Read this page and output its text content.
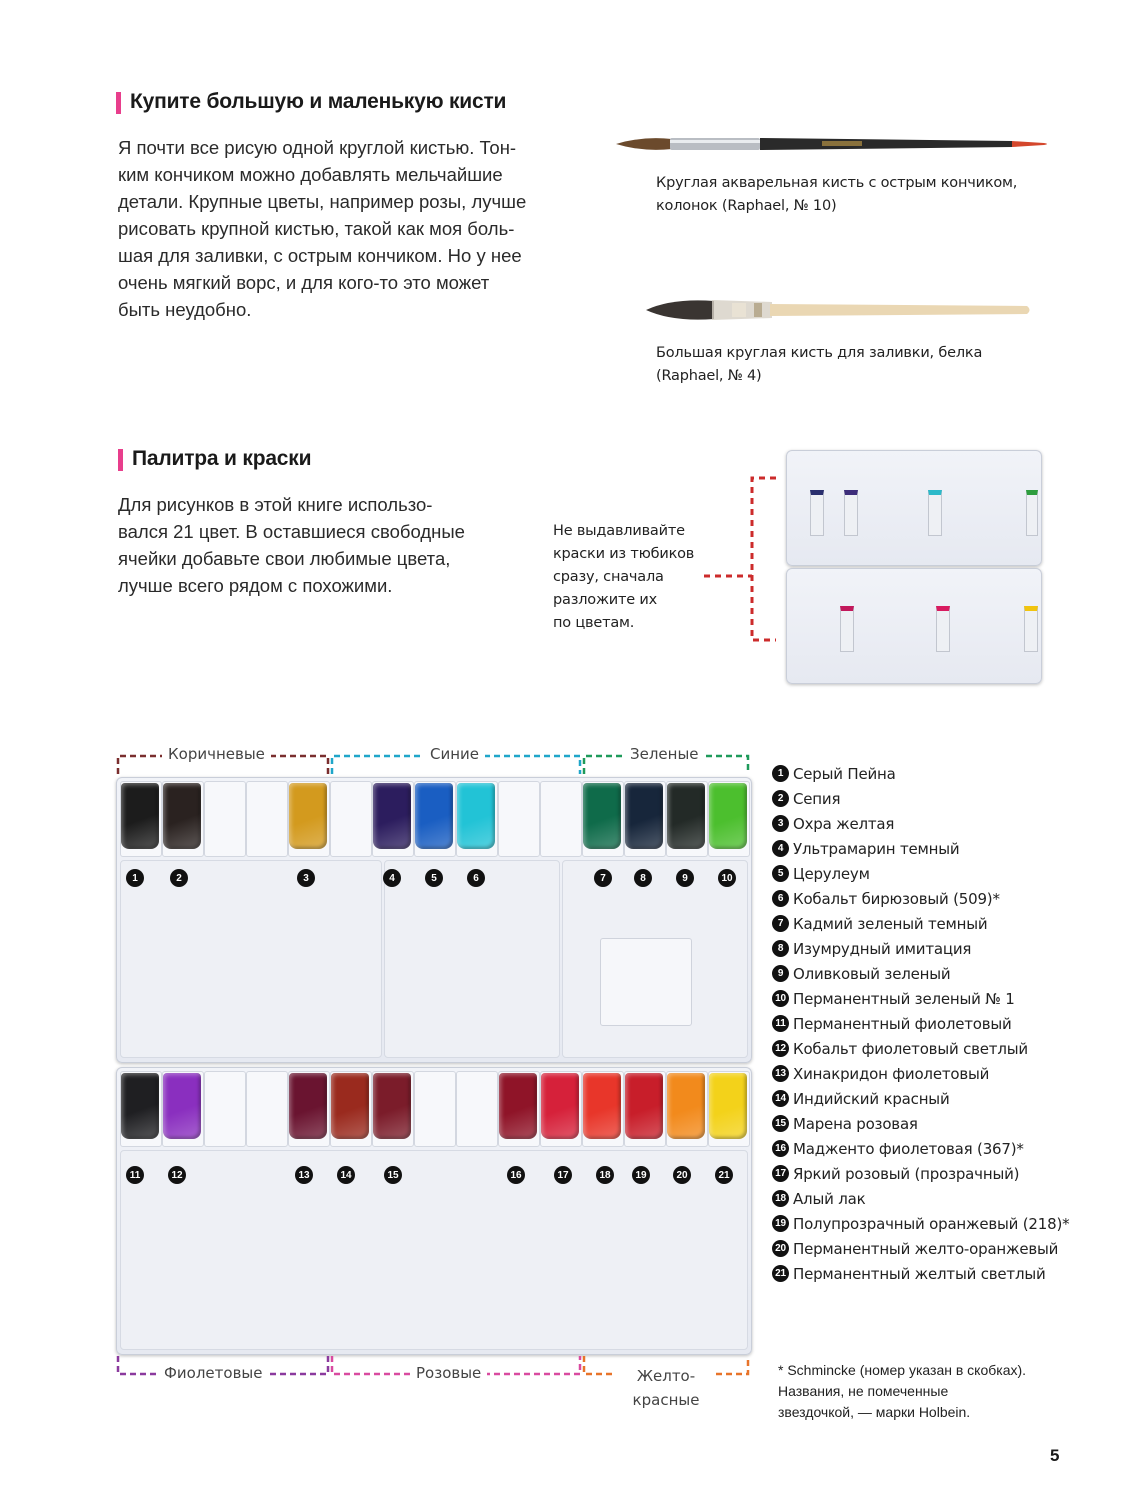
Купите большую и маленькую кисти
Я почти все рисую одной круглой кистью. Тон-
ким кончиком можно добавлять мельчайшие
детали. Крупные цветы, например розы, лучше
рисовать крупной кистью, такой как моя боль-
шая для заливки, с острым кончиком. Но у нее
очень мягкий ворс, и для кого-то это может
быть неудобно.
Круглая акварельная кисть с острым кончиком,
колонок (Raphael, № 10)
Большая круглая кисть для заливки, белка
(Raphael, № 4)
Палитра и краски
Для рисунков в этой книге использо-
вался 21 цвет. В оставшиеся свободные
ячейки добавьте свои любимые цвета,
лучше всего рядом с похожими.
Не выдавливайте
краски из тюбиков
сразу, сначала
разложите их
по цветам.
Коричневые	Синие	Зеленые
1	2	3	4	5	6	7	8	9	10
11	12	13	14	15	16	17	18	19	20	21
Фиолетовые	Розовые	Желто-
красные
1 Серый Пейна
2 Сепия
3 Охра желтая
4 Ультрамарин темный
5 Церулеум
6 Кобальт бирюзовый (509)*
7 Кадмий зеленый темный
8 Изумрудный имитация
9 Оливковый зеленый
10 Перманентный зеленый № 1
11 Перманентный фиолетовый
12 Кобальт фиолетовый светлый
13 Хинакридон фиолетовый
14 Индийский красный
15 Марена розовая
16 Мадженто фиолетовая (367)*
17 Яркий розовый (прозрачный)
18 Алый лак
19 Полупрозрачный оранжевый (218)*
20 Перманентный желто-оранжевый
21 Перманентный желтый светлый
* Schmincke (номер указан в скобках).
Названия, не помеченные
звездочкой, — марки Holbein.
5
